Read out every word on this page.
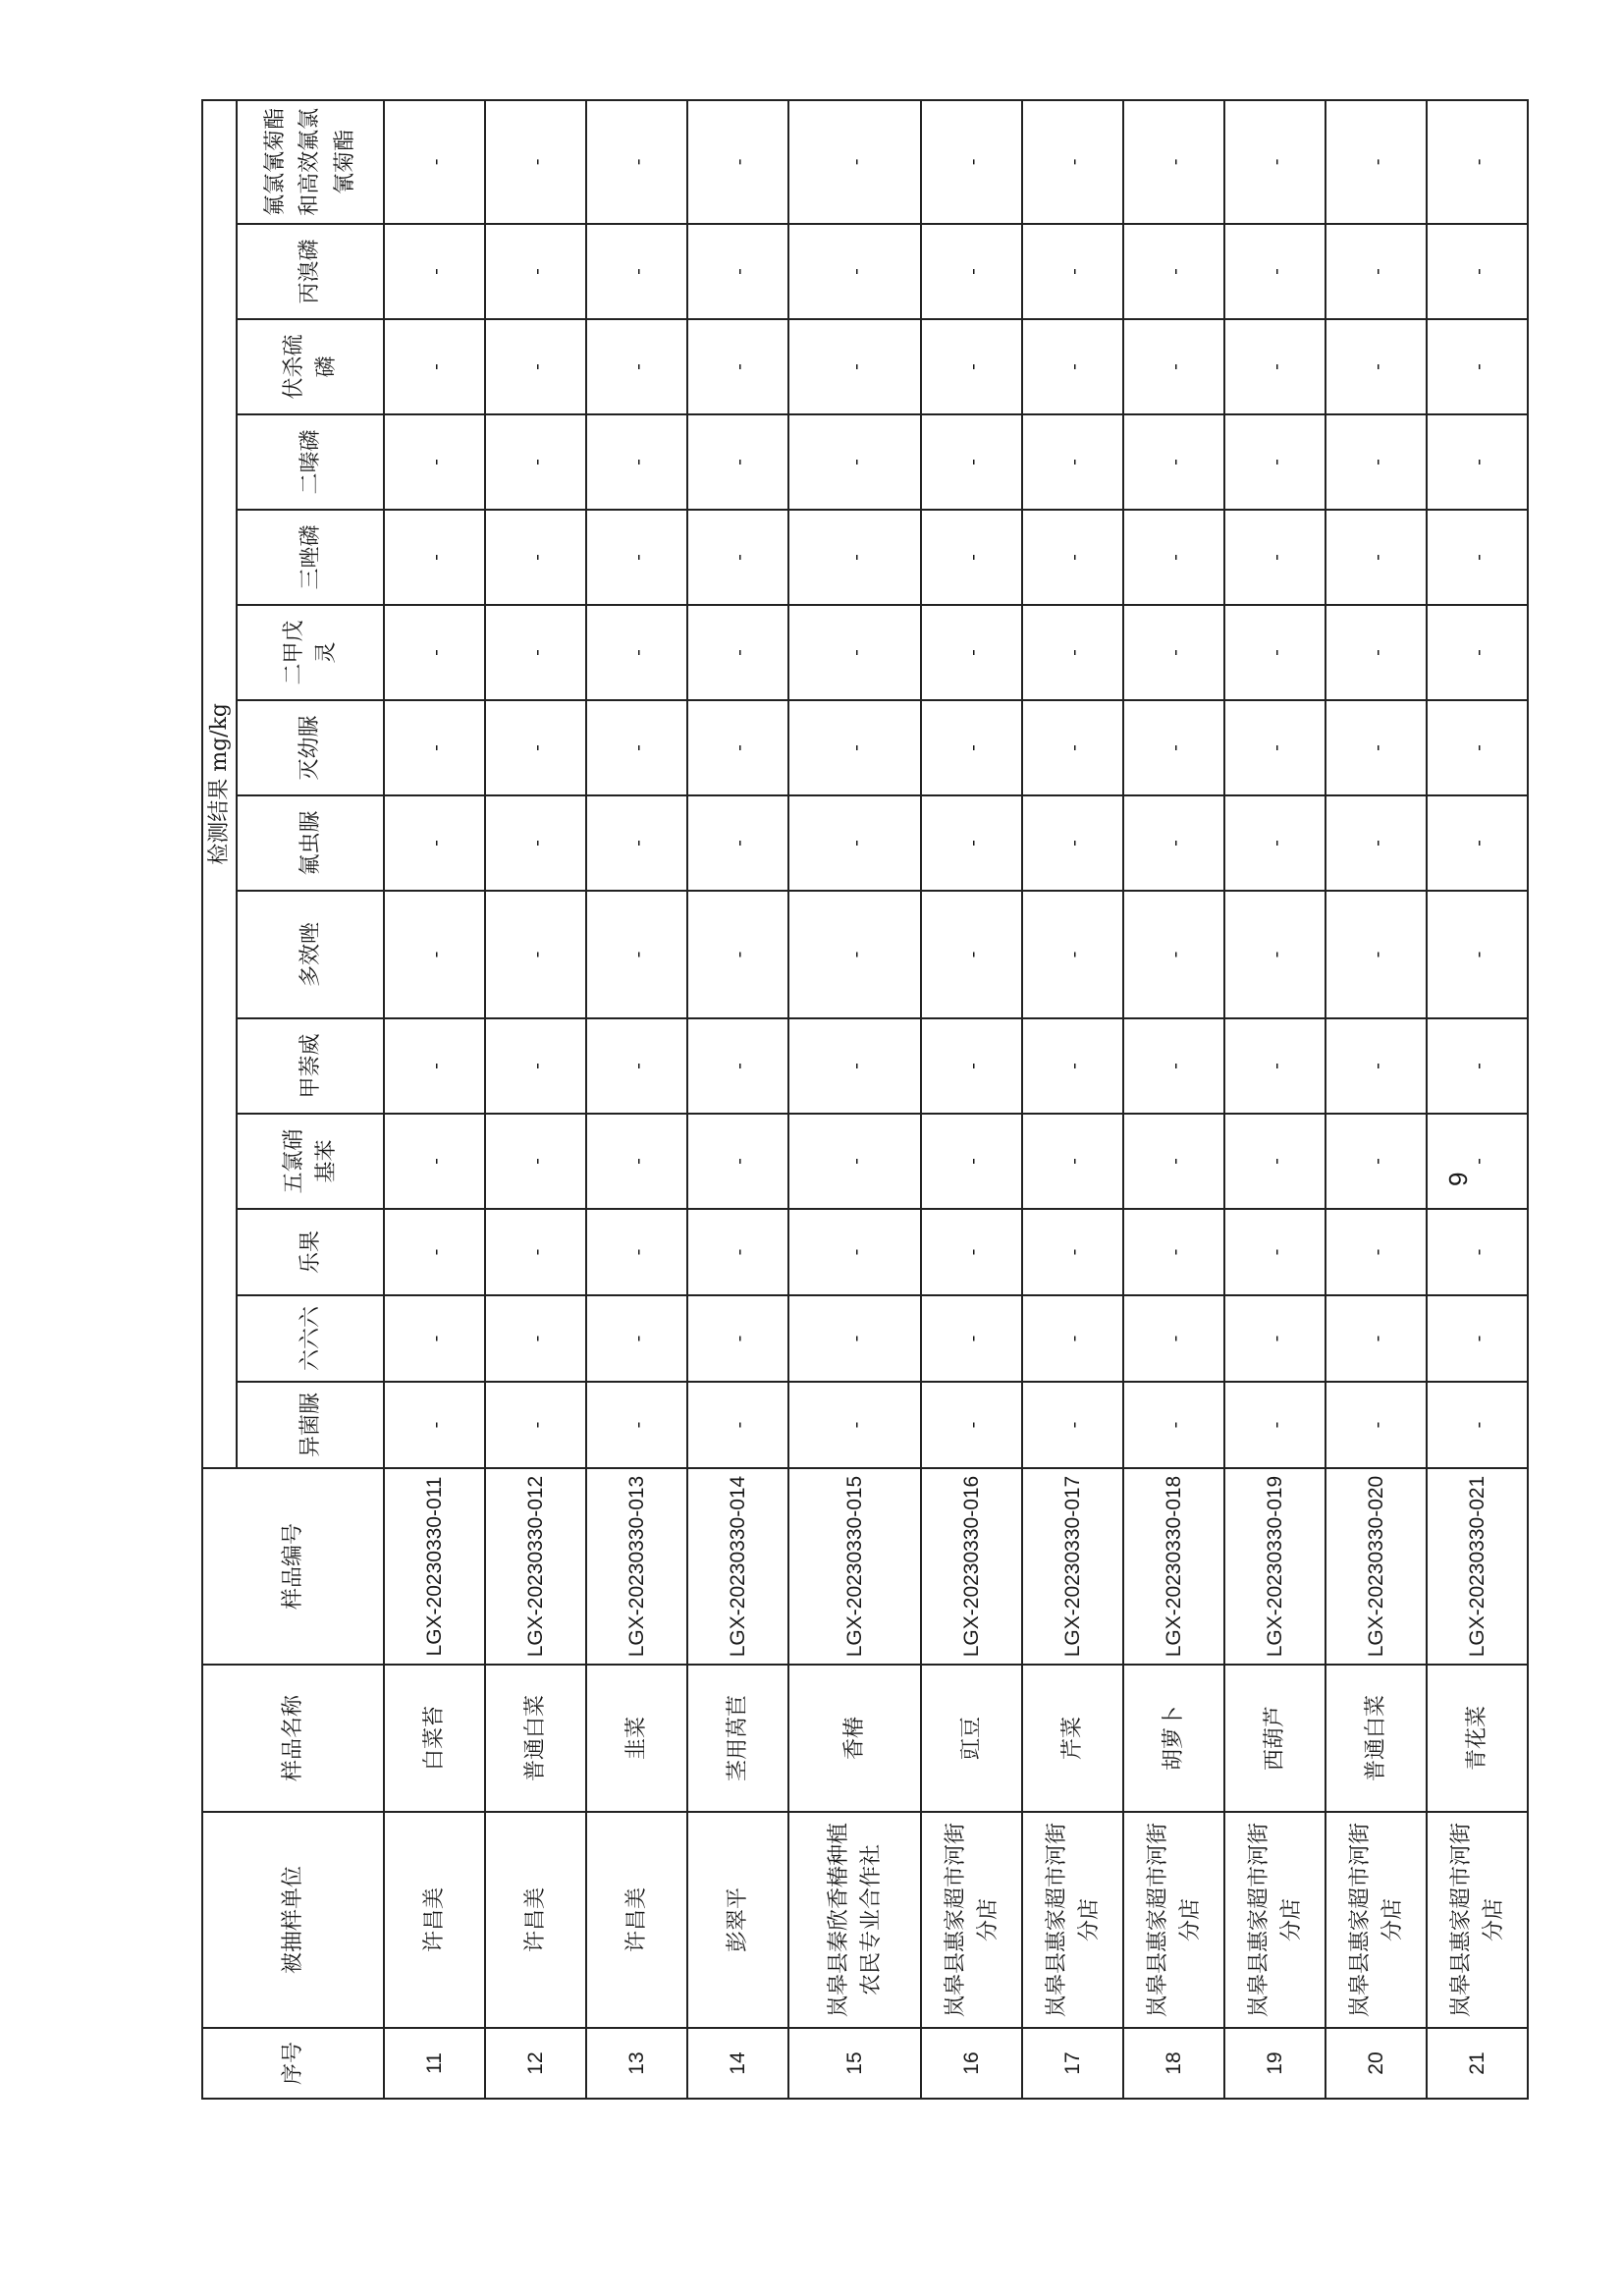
序号	被抽样单位	样品名称	样品编号	检测结果 mg/kg													
				异菌脲	六六六	乐果	五氯硝基苯	甲萘威	多效唑	氟虫脲	灭幼脲	二甲戊灵	三唑磷	二嗪磷	伏杀硫磷	丙溴磷	氟氯氰菊酯和高效氟氯氰菊酯
11	许昌美	白菜苔	LGX-20230330-011	-	-	-	-	-	-	-	-	-	-	-	-	-	-
12	许昌美	普通白菜	LGX-20230330-012	-	-	-	-	-	-	-	-	-	-	-	-	-	-
13	许昌美	韭菜	LGX-20230330-013	-	-	-	-	-	-	-	-	-	-	-	-	-	-
14	彭翠平	茎用莴苣	LGX-20230330-014	-	-	-	-	-	-	-	-	-	-	-	-	-	-
15	岚皋县秦欣香椿种植农民专业合作社	香椿	LGX-20230330-015	-	-	-	-	-	-	-	-	-	-	-	-	-	-
16	岚皋县惠家超市河街分店	豇豆	LGX-20230330-016	-	-	-	-	-	-	-	-	-	-	-	-	-	-
17	岚皋县惠家超市河街分店	芹菜	LGX-20230330-017	-	-	-	-	-	-	-	-	-	-	-	-	-	-
18	岚皋县惠家超市河街分店	胡萝卜	LGX-20230330-018	-	-	-	-	-	-	-	-	-	-	-	-	-	-
19	岚皋县惠家超市河街分店	西葫芦	LGX-20230330-019	-	-	-	-	-	-	-	-	-	-	-	-	-	-
20	岚皋县惠家超市河街分店	普通白菜	LGX-20230330-020	-	-	-	-	-	-	-	-	-	-	-	-	-	-
21	岚皋县惠家超市河街分店	青花菜	LGX-20230330-021	-	-	-	-	-	-	-	-	-	-	-	-	-	-
9
